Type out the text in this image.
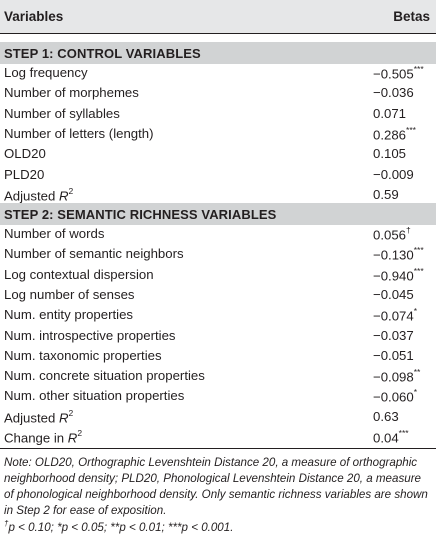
Variables	Betas
STEP 1: CONTROL VARIABLES
Log frequency	−0.505***
Number of morphemes	−0.036
Number of syllables	0.071
Number of letters (length)	0.286***
OLD20	0.105
PLD20	−0.009
Adjusted $R^2$	0.59
STEP 2: SEMANTIC RICHNESS VARIABLES
Number of words	0.056†
Number of semantic neighbors	−0.130***
Log contextual dispersion	−0.940***
Log number of senses	−0.045
Num. entity properties	−0.074*
Num. introspective properties	−0.037
Num. taxonomic properties	−0.051
Num. concrete situation properties	−0.098**
Num. other situation properties	−0.060*
Adjusted $R^2$	0.63
Change in $R^2$	0.04***
Note: OLD20, Orthographic Levenshtein Distance 20, a measure of orthographic neighborhood density; PLD20, Phonological Levenshtein Distance 20, a measure of phonological neighborhood density. Only semantic richness variables are shown in Step 2 for ease of exposition.
†p < 0.10; *p < 0.05; **p < 0.01; ***p < 0.001.
